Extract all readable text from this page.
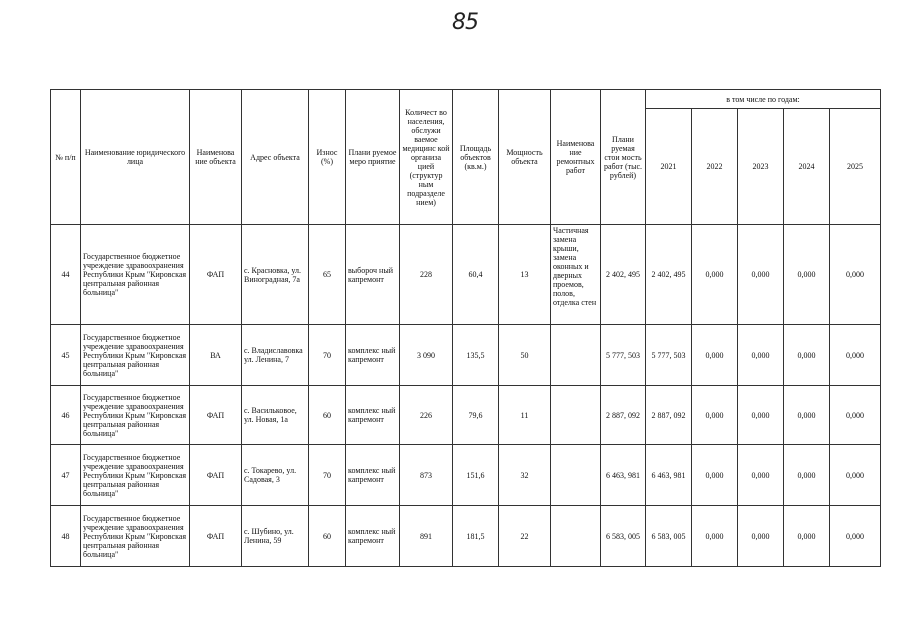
85
№ п/п	Наименование юридического лица	Наименова ние объекта	Адрес объекта	Износ (%)	Плани руемое меро приятие	Количест во населения, обслужи ваемое медицинс кой организа цией (структур ным подразделе нием)	Площадь объектов (кв.м.)	Мощность объекта	Наименова ние ремонтных работ	Плани руемая стои мость работ (тыс. рублей)	в том числе по годам:				
											2021	2022	2023	2024	2025
44	Государственное бюджетное учреждение здравоохранения Республики Крым "Кировская центральная районная больница"	ФАП	с. Красновка, ул. Виноградная, 7а	65	выбороч ный капремонт	228	60,4	13	Частичная замена крыши, замена оконных и дверных проемов, полов, отделка стен	2 402, 495	2 402, 495	0,000	0,000	0,000	0,000
45	Государственное бюджетное учреждение здравоохранения Республики Крым "Кировская центральная районная больница"	ВА	с. Владиславовка ул. Ленина, 7	70	комплекс ный капремонт	3 090	135,5	50		5 777, 503	5 777, 503	0,000	0,000	0,000	0,000
46	Государственное бюджетное учреждение здравоохранения Республики Крым "Кировская центральная районная больница"	ФАП	с. Васильковое, ул. Новая, 1а	60	комплекс ный капремонт	226	79,6	11		2 887, 092	2 887, 092	0,000	0,000	0,000	0,000
47	Государственное бюджетное учреждение здравоохранения Республики Крым "Кировская центральная районная больница"	ФАП	с. Токарево, ул. Садовая, 3	70	комплекс ный капремонт	873	151,6	32		6 463, 981	6 463, 981	0,000	0,000	0,000	0,000
48	Государственное бюджетное учреждение здравоохранения Республики Крым "Кировская центральная районная больница"	ФАП	с. Шубино, ул. Ленина, 59	60	комплекс ный капремонт	891	181,5	22		6 583, 005	6 583, 005	0,000	0,000	0,000	0,000
